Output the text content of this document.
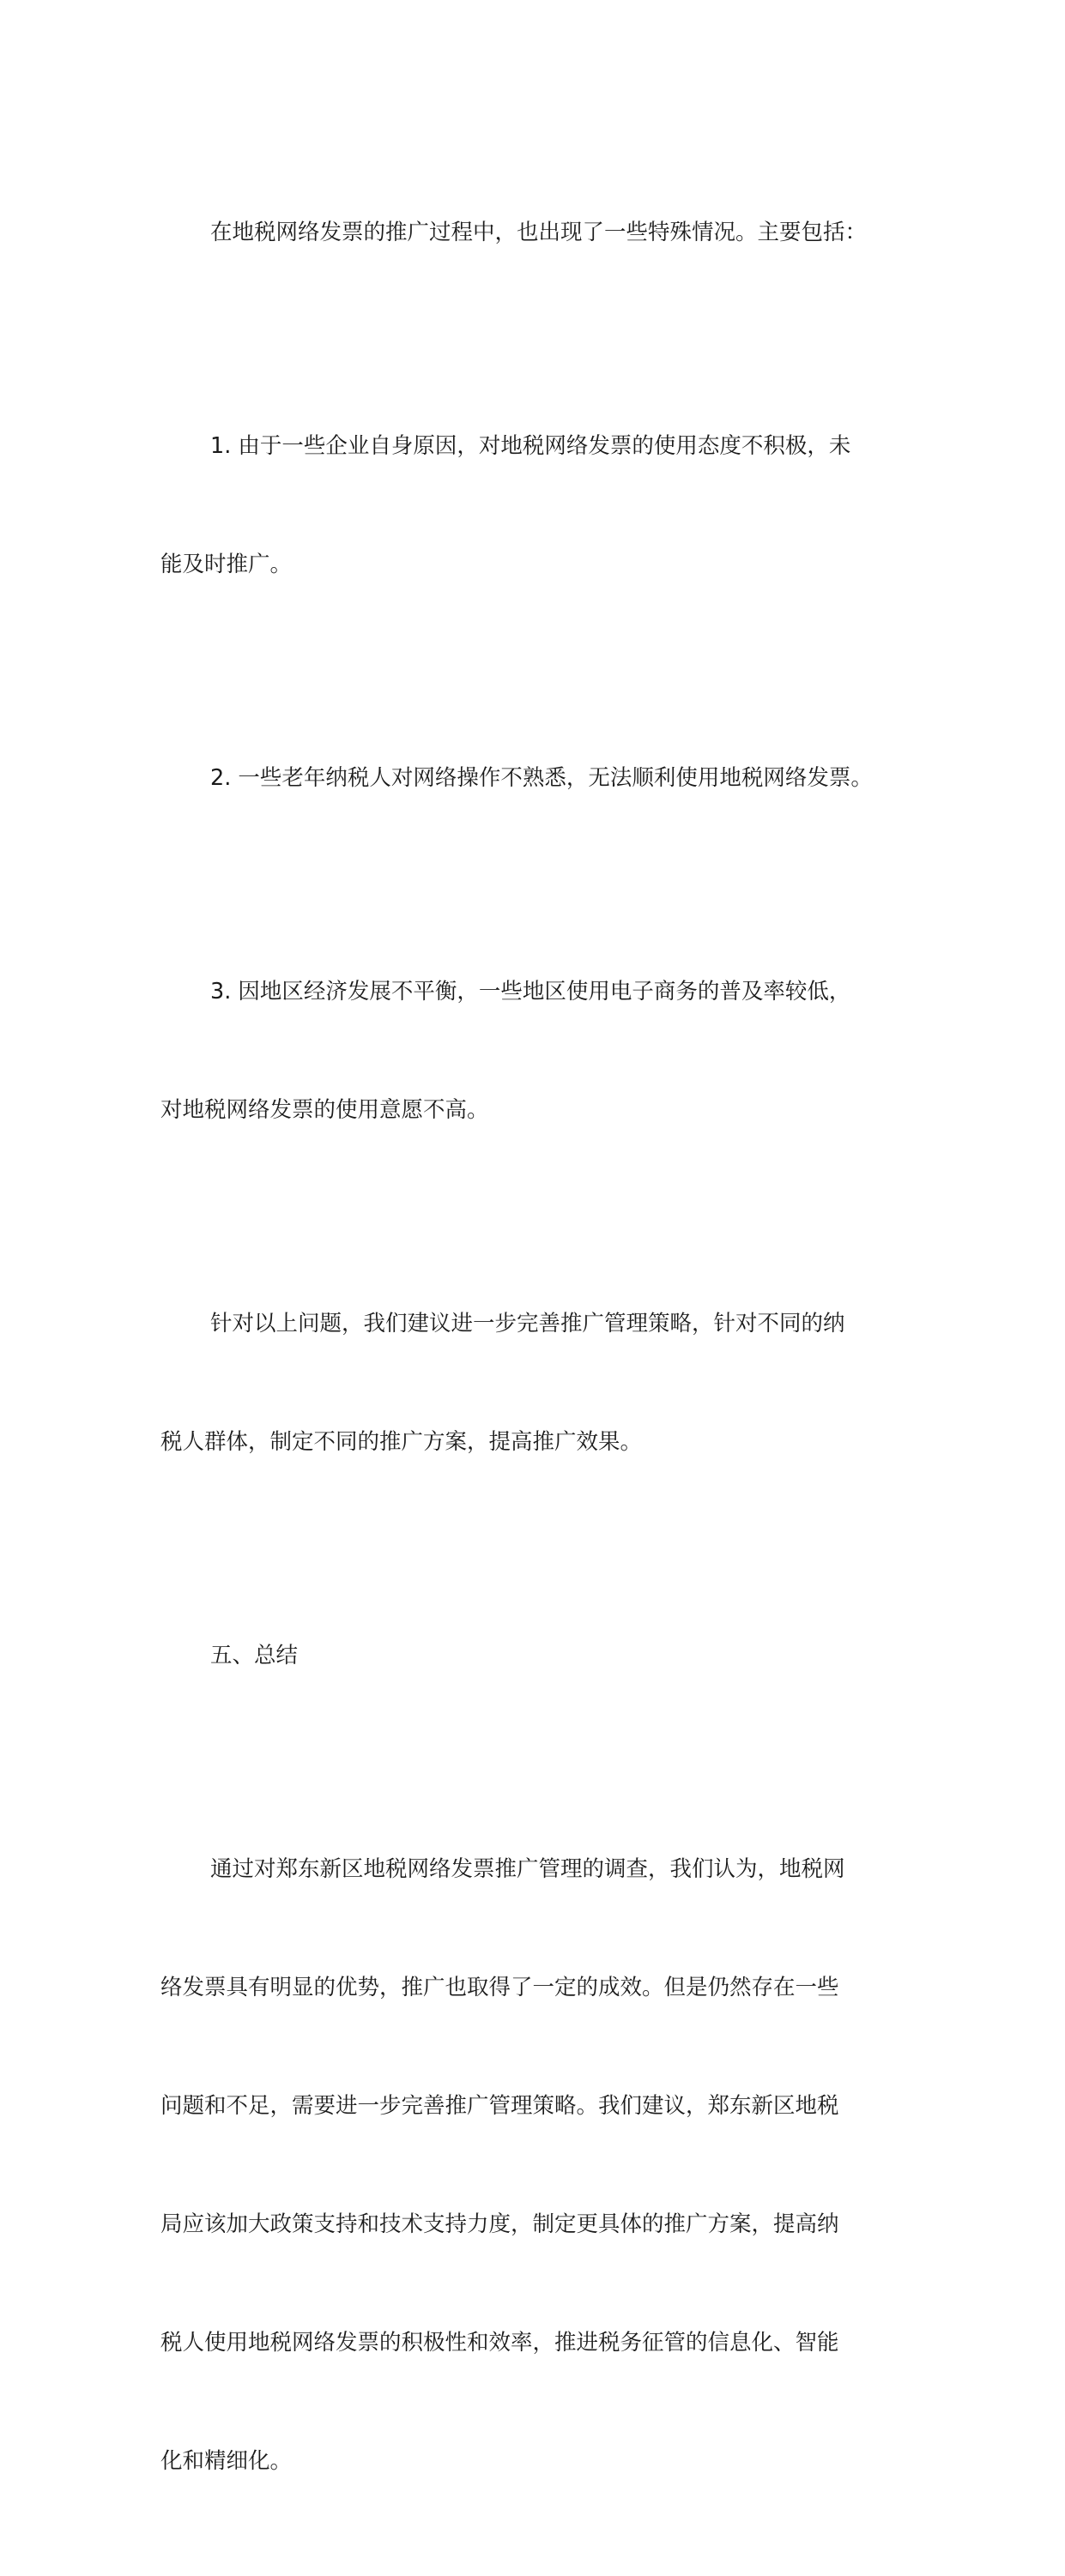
在地税网络发票的推广过程中，也出现了一些特殊情况。主要包括：

1. 由于一些企业自身原因，对地税网络发票的使用态度不积极，未

能及时推广。

2. 一些老年纳税人对网络操作不熟悉，无法顺利使用地税网络发票。

3. 因地区经济发展不平衡，一些地区使用电子商务的普及率较低，

对地税网络发票的使用意愿不高。

针对以上问题，我们建议进一步完善推广管理策略，针对不同的纳

税人群体，制定不同的推广方案，提高推广效果。

五、总结

通过对郑东新区地税网络发票推广管理的调查，我们认为，地税网

络发票具有明显的优势，推广也取得了一定的成效。但是仍然存在一些

问题和不足，需要进一步完善推广管理策略。我们建议，郑东新区地税

局应该加大政策支持和技术支持力度，制定更具体的推广方案，提高纳

税人使用地税网络发票的积极性和效率，推进税务征管的信息化、智能

化和精细化。
